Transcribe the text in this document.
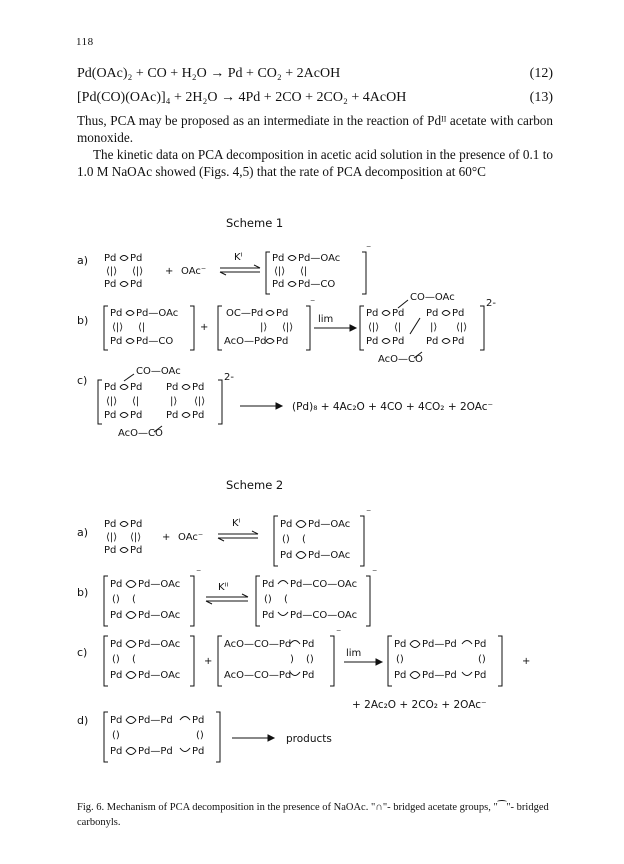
118
Pd(OAc)₂ + CO + H₂O → Pd + CO₂ + 2AcOH	(12)
[Pd(CO)(OAc)]₄ + 2H₂O → 4Pd + 2CO + 2CO₂ + 4AcOH	(13)
Thus, PCA may be proposed as an intermediate in the reaction of Pdᴵᴵ acetate with carbon monoxide.
The kinetic data on PCA decomposition in acetic acid solution in the presence of 0.1 to 1.0 M NaOAc showed (Figs. 4,5) that the rate of PCA decomposition at 60°C
Scheme 1
a) Pd Pd
⟨|⟩ ⟨|⟩
Pd Pd
+ OAc⁻
Kᴵ	Pd Pd—OAc
⟨|⟩ ⟨|
Pd Pd—CO
⁻
b)
Pd Pd—OAc
⟨|⟩ ⟨|
Pd Pd—CO
+
OC—Pd Pd
|⟩ ⟨|⟩
AcO—Pd Pd
⁻
lim
CO—OAc
Pd Pd Pd Pd
⟨|⟩ ⟨|	|⟩ ⟨|⟩
Pd Pd Pd Pd
AcO—CO
2-
c)
CO—OAc
Pd Pd Pd Pd
⟨|⟩ ⟨|	|⟩ ⟨|⟩
Pd Pd Pd Pd
AcO—CO
2-
(Pd)₈ + 4Ac₂O + 4CO + 4CO₂ + 2OAc⁻
Scheme 2
a)
Pd Pd
⟨|⟩ ⟨|⟩
Pd Pd
+ OAc⁻
Kᴵ	Pd Pd—OAc
() (
Pd Pd—OAc
⁻
b)
Pd Pd—OAc
() (
Pd Pd—OAc
⁻
Kᴵᴵ	Pd Pd—CO—OAc
() (
Pd Pd—CO—OAc
⁻
c)
Pd Pd—OAc
() (
Pd Pd—OAc
+
AcO—CO—Pd Pd
) ()
AcO—CO—Pd Pd
⁻
lim
Pd Pd—Pd Pd
()	()
Pd Pd—Pd Pd
+
+ 2Ac₂O + 2CO₂ + 2OAc⁻
d) Pd Pd—Pd Pd
()	()
Pd Pd—Pd Pd
products
Fig. 6. Mechanism of PCA decomposition in the presence of NaOAc. "∩"- bridged acetate groups, "⁀"- bridged carbonyls.
